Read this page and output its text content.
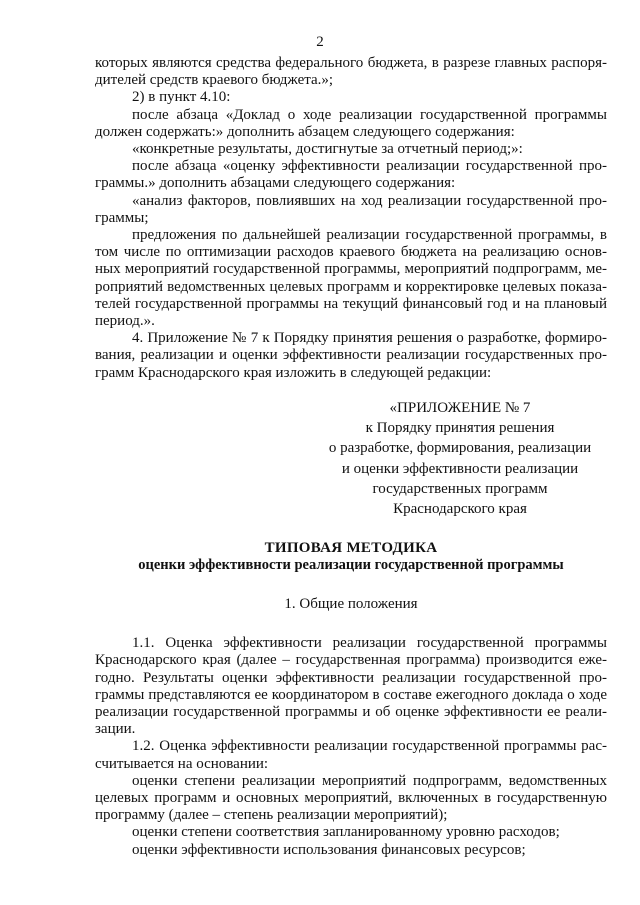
2

которых являются средства федерального бюджета, в разрезе главных распоря-дителей средств краевого бюджета.»;

2) в пункт 4.10:

после абзаца «Доклад о ходе реализации государственной программы должен содержать:» дополнить абзацем следующего содержания:

«конкретные результаты, достигнутые за отчетный период;»:

после абзаца «оценку эффективности реализации государственной про-граммы.» дополнить абзацами следующего содержания:

«анализ факторов, повлиявших на ход реализации государственной про-граммы;

предложения по дальнейшей реализации государственной программы, в том числе по оптимизации расходов краевого бюджета на реализацию основ-ных мероприятий государственной программы, мероприятий подпрограмм, ме-роприятий ведомственных целевых программ и корректировке целевых показа-телей государственной программы на текущий финансовый год и на плановый период.».

4. Приложение № 7 к Порядку принятия решения о разработке, формиро-вания, реализации и оценки эффективности реализации государственных про-грамм Краснодарского края изложить в следующей редакции:

«ПРИЛОЖЕНИЕ № 7
к Порядку принятия решения
о разработке, формирования, реализации
и оценки эффективности реализации
государственных программ
Краснодарского края
ТИПОВАЯ МЕТОДИКА
оценки эффективности реализации государственной программы
1. Общие положения

1.1. Оценка эффективности реализации государственной программы Краснодарского края (далее – государственная программа) производится еже-годно. Результаты оценки эффективности реализации государственной про-граммы представляются ее координатором в составе ежегодного доклада о ходе реализации государственной программы и об оценке эффективности ее реали-зации.

1.2. Оценка эффективности реализации государственной программы рас-считывается на основании:

оценки степени реализации мероприятий подпрограмм, ведомственных целевых программ и основных мероприятий, включенных в государственную программу (далее – степень реализации мероприятий);

оценки степени соответствия запланированному уровню расходов;

оценки эффективности использования финансовых ресурсов;
